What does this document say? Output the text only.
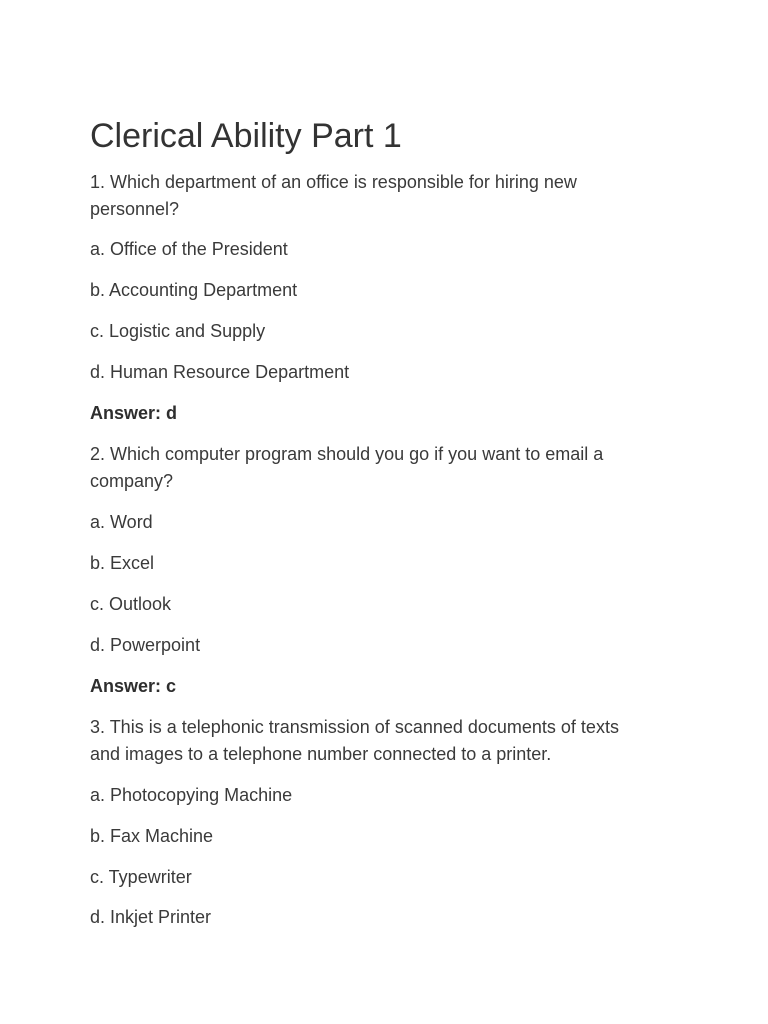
Clerical Ability Part 1

1. Which department of an office is responsible for hiring new personnel?

a. Office of the President

b. Accounting Department

c. Logistic and Supply

d. Human Resource Department

Answer: d

2. Which computer program should you go if you want to email a company?

a. Word

b. Excel

c. Outlook

d. Powerpoint

Answer: c

3. This is a telephonic transmission of scanned documents of texts and images to a telephone number connected to a printer.

a. Photocopying Machine

b. Fax Machine

c. Typewriter

d. Inkjet Printer
